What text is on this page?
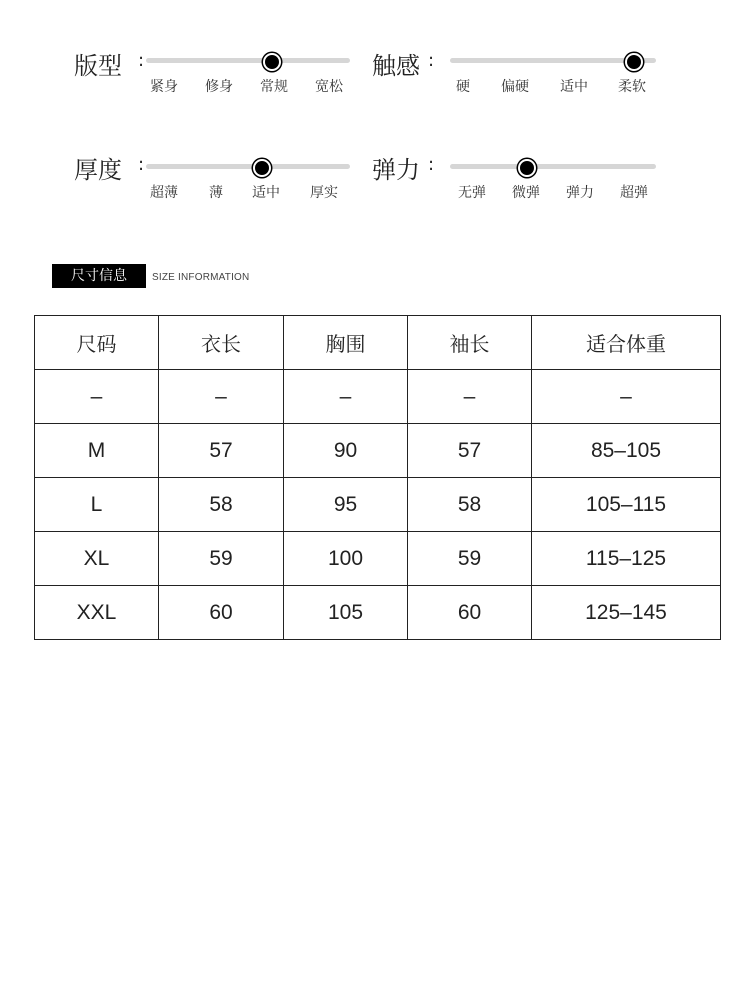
版型 :
紧身 修身 常规 宽松
触感 :
硬 偏硬 适中 柔软
厚度 :
超薄 薄 适中 厚实
弹力 :
无弹 微弹 弹力 超弹
尺寸信息	SIZE INFORMATION
尺码	衣长	胸围	袖长	适合体重
–	–	–	–	–
M	57	90	57	85–105
L	58	95	58	105–115
XL	59	100	59	115–125
XXL	60	105	60	125–145
